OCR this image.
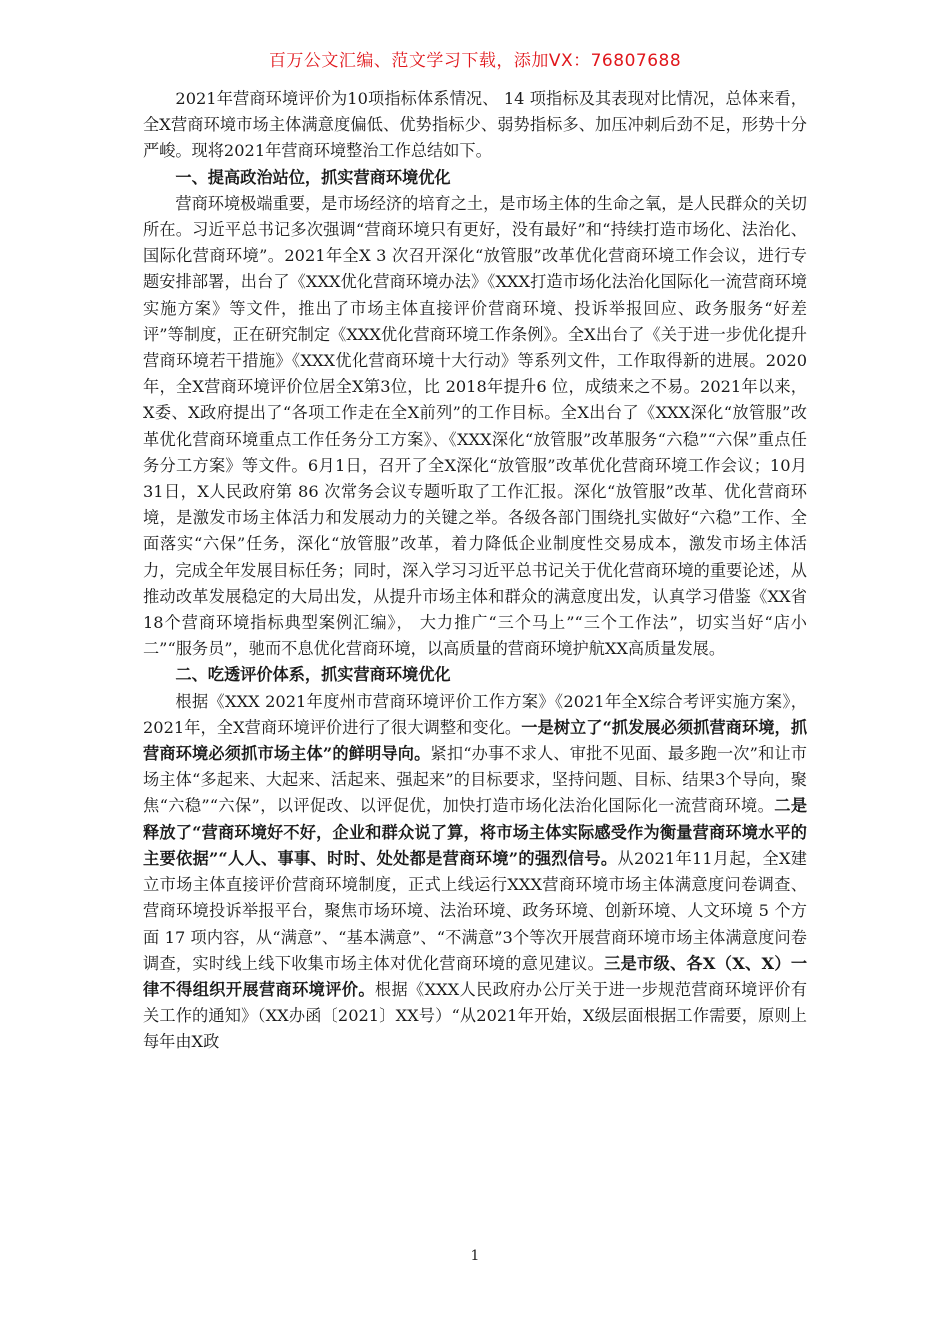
百万公文汇编、范文学习下载，添加VX：76807688

2021年营商环境评价为10项指标体系情况、 14 项指标及其表现对比情况，总体来看，全X营商环境市场主体满意度偏低、优势指标少、弱势指标多、加压冲刺后劲不足，形势十分严峻。现将2021年营商环境整治工作总结如下。

一、提高政治站位，抓实营商环境优化

营商环境极端重要，是市场经济的培育之土，是市场主体的生命之氧，是人民群众的关切所在。习近平总书记多次强调“营商环境只有更好，没有最好”和“持续打造市场化、法治化、国际化营商环境”。2021年全X 3 次召开深化“放管服”改革优化营商环境工作会议，进行专题安排部署，出台了《XXX优化营商环境办法》《XXX打造市场化法治化国际化一流营商环境实施方案》等文件，推出了市场主体直接评价营商环境、投诉举报回应、政务服务“好差评”等制度，正在研究制定《XXX优化营商环境工作条例》。全X出台了《关于进一步优化提升营商环境若干措施》《XXX优化营商环境十大行动》等系列文件，工作取得新的进展。2020年，全X营商环境评价位居全X第3位，比 2018年提升6 位，成绩来之不易。2021年以来，X委、X政府提出了“各项工作走在全X前列”的工作目标。全X出台了《XXX深化“放管服”改革优化营商环境重点工作任务分工方案》、《XXX深化“放管服”改革服务“六稳”“六保”重点任务分工方案》等文件。6月1日，召开了全X深化“放管服”改革优化营商环境工作会议；10月31日，X人民政府第 86 次常务会议专题听取了工作汇报。深化“放管服”改革、优化营商环境，是激发市场主体活力和发展动力的关键之举。各级各部门围绕扎实做好“六稳”工作、全面落实“六保”任务，深化“放管服”改革，着力降低企业制度性交易成本，激发市场主体活力，完成全年发展目标任务；同时，深入学习习近平总书记关于优化营商环境的重要论述，从推动改革发展稳定的大局出发，从提升市场主体和群众的满意度出发，认真学习借鉴《XX省18个营商环境指标典型案例汇编》， 大力推广“三个马上”“三个工作法”，切实当好“店小二”“服务员”，驰而不息优化营商环境，以高质量的营商环境护航XX高质量发展。

二、吃透评价体系，抓实营商环境优化

根据《XXX 2021年度州市营商环境评价工作方案》《2021年全X综合考评实施方案》，2021年，全X营商环境评价进行了很大调整和变化。一是树立了“抓发展必须抓营商环境，抓营商环境必须抓市场主体”的鲜明导向。紧扣“办事不求人、审批不见面、最多跑一次”和让市场主体“多起来、大起来、活起来、强起来”的目标要求，坚持问题、目标、结果3个导向，聚焦“六稳”“六保”，以评促改、以评促优，加快打造市场化法治化国际化一流营商环境。二是释放了“营商环境好不好，企业和群众说了算，将市场主体实际感受作为衡量营商环境水平的主要依据”“人人、事事、时时、处处都是营商环境”的强烈信号。从2021年11月起，全X建立市场主体直接评价营商环境制度，正式上线运行XXX营商环境市场主体满意度问卷调查、营商环境投诉举报平台，聚焦市场环境、法治环境、政务环境、创新环境、人文环境 5 个方面 17 项内容，从“满意”、“基本满意”、“不满意”3个等次开展营商环境市场主体满意度问卷调查，实时线上线下收集市场主体对优化营商环境的意见建议。三是市级、各X（X、X）一律不得组织开展营商环境评价。根据《XXX人民政府办公厅关于进一步规范营商环境评价有关工作的通知》（XX办函〔2021〕XX号）“从2021年开始，X级层面根据工作需要，原则上每年由X政

1
